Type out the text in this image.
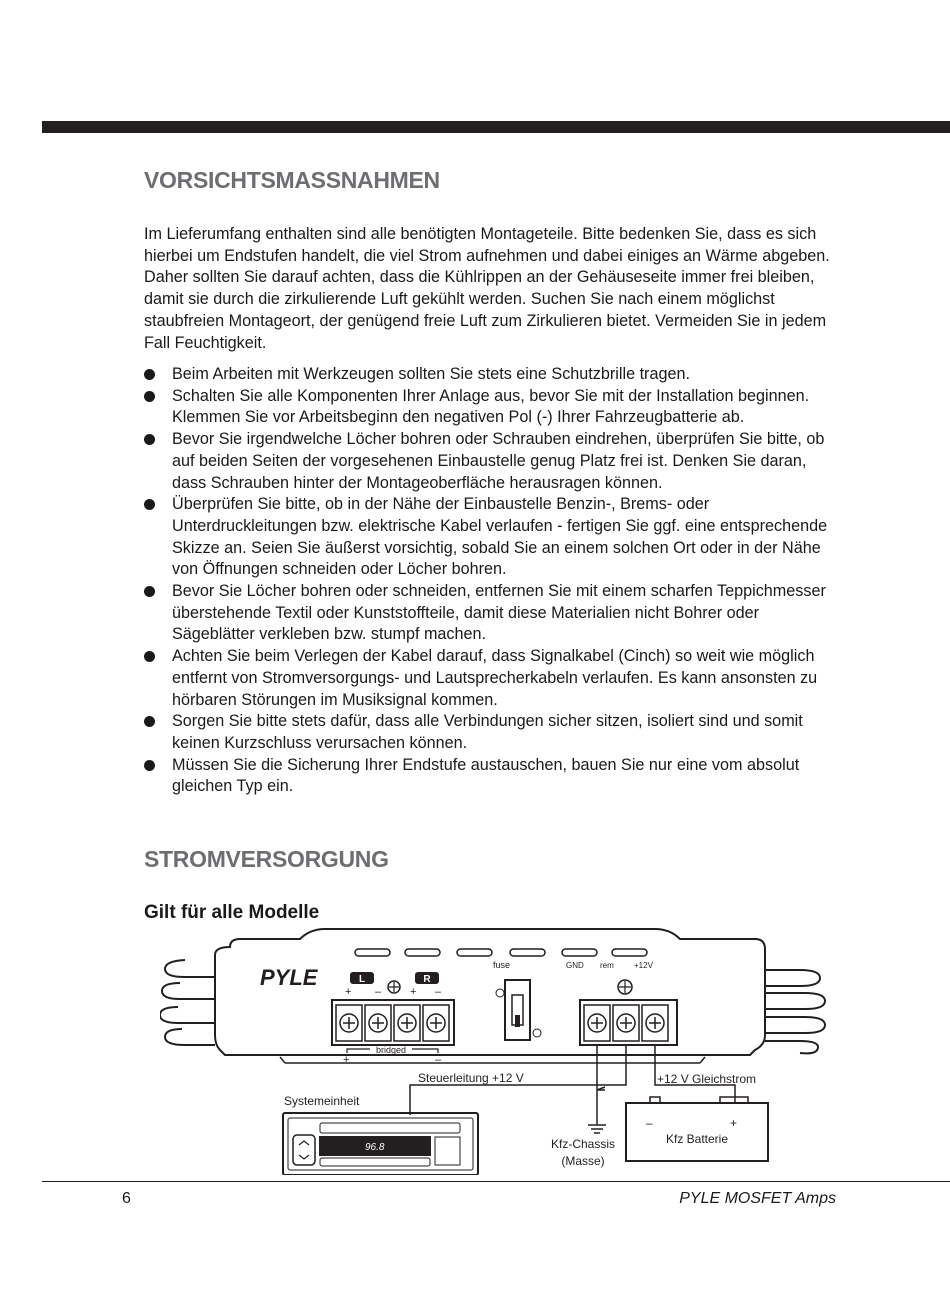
VORSICHTSMASSNAHMEN

Im Lieferumfang enthalten sind alle benötigten Montageteile. Bitte bedenken Sie, dass es sich hierbei um Endstufen handelt, die viel Strom aufnehmen und dabei einiges an Wärme abgeben. Daher sollten Sie darauf achten, dass die Kühlrippen an der Gehäuseseite immer frei bleiben, damit sie durch die zirkulierende Luft gekühlt werden. Suchen Sie nach einem möglichst staubfreien Montageort, der genügend freie Luft zum Zirkulieren bietet. Vermeiden Sie in jedem Fall Feuchtigkeit.

Beim Arbeiten mit Werkzeugen sollten Sie stets eine Schutzbrille tragen.
Schalten Sie alle Komponenten Ihrer Anlage aus, bevor Sie mit der Installation beginnen. Klemmen Sie vor Arbeitsbeginn den negativen Pol (-) Ihrer Fahrzeugbatterie ab.
Bevor Sie irgendwelche Löcher bohren oder Schrauben eindrehen, überprüfen Sie bitte, ob auf beiden Seiten der vorgesehenen Einbaustelle genug Platz frei ist. Denken Sie daran, dass Schrauben hinter der Montageoberfläche herausragen können.
Überprüfen Sie bitte, ob in der Nähe der Einbaustelle Benzin-, Brems- oder Unterdruckleitungen bzw. elektrische Kabel verlaufen - fertigen Sie ggf. eine entsprechende Skizze an. Seien Sie äußerst vorsichtig, sobald Sie an einem solchen Ort oder in der Nähe von Öffnungen schneiden oder Löcher bohren.
Bevor Sie Löcher bohren oder schneiden, entfernen Sie mit einem scharfen Teppichmesser überstehende Textil oder Kunststoffteile, damit diese Materialien nicht Bohrer oder Sägeblätter verkleben bzw. stumpf machen.
Achten Sie beim Verlegen der Kabel darauf, dass Signalkabel (Cinch) so weit wie möglich entfernt von Stromversorgungs- und Lautsprecherkabeln verlaufen. Es kann ansonsten zu hörbaren Störungen im Musiksignal kommen.
Sorgen Sie bitte stets dafür, dass alle Verbindungen sicher sitzen, isoliert sind und somit keinen Kurzschluss verursachen können.
Müssen Sie die Sicherung Ihrer Endstufe austauschen, bauen Sie nur eine vom absolut gleichen Typ ein.
STROMVERSORGUNG
Gilt für alle Modelle
PYLE	L	R
+ –	+ –
bridged
+	–
fuse	GND rem	+12V
Steuerleitung +12 V	+12 V Gleichstrom
Systemeinheit
96.8	Kfz-Chassis
(Masse)
–	+
Kfz Batterie
6	PYLE MOSFET Amps
